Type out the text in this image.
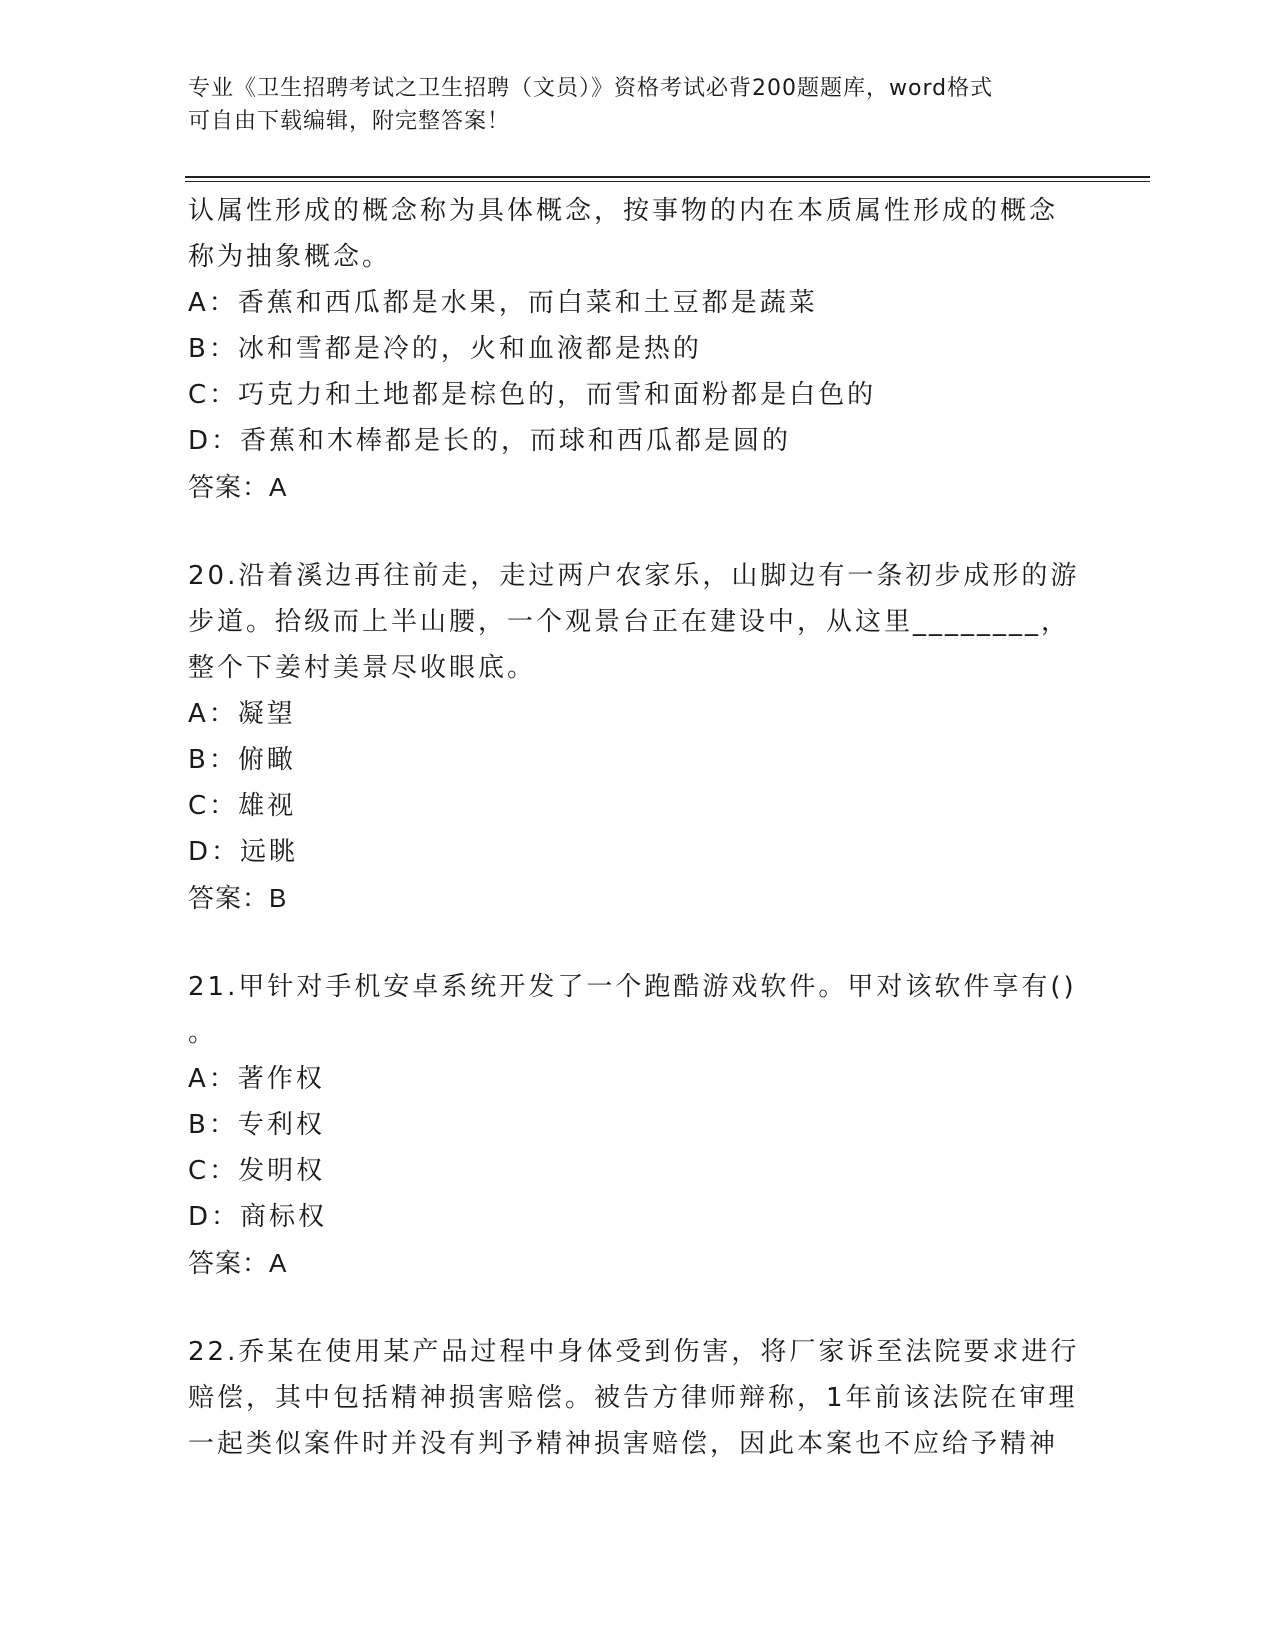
专业《卫生招聘考试之卫生招聘（文员）》资格考试必背200题题库，word格式
可自由下载编辑，附完整答案！
认属性形成的概念称为具体概念，按事物的内在本质属性形成的概念
称为抽象概念。
A：香蕉和西瓜都是水果，而白菜和土豆都是蔬菜
B：冰和雪都是冷的，火和血液都是热的
C：巧克力和土地都是棕色的，而雪和面粉都是白色的
D：香蕉和木棒都是长的，而球和西瓜都是圆的
答案：A
20.沿着溪边再往前走，走过两户农家乐，山脚边有一条初步成形的游
步道。拾级而上半山腰，一个观景台正在建设中，从这里________，
整个下姜村美景尽收眼底。
A：凝望
B：俯瞰
C：雄视
D：远眺
答案：B
21.甲针对手机安卓系统开发了一个跑酷游戏软件。甲对该软件享有()
。
A：著作权
B：专利权
C：发明权
D：商标权
答案：A
22.乔某在使用某产品过程中身体受到伤害，将厂家诉至法院要求进行
赔偿，其中包括精神损害赔偿。被告方律师辩称，1年前该法院在审理
一起类似案件时并没有判予精神损害赔偿，因此本案也不应给予精神
